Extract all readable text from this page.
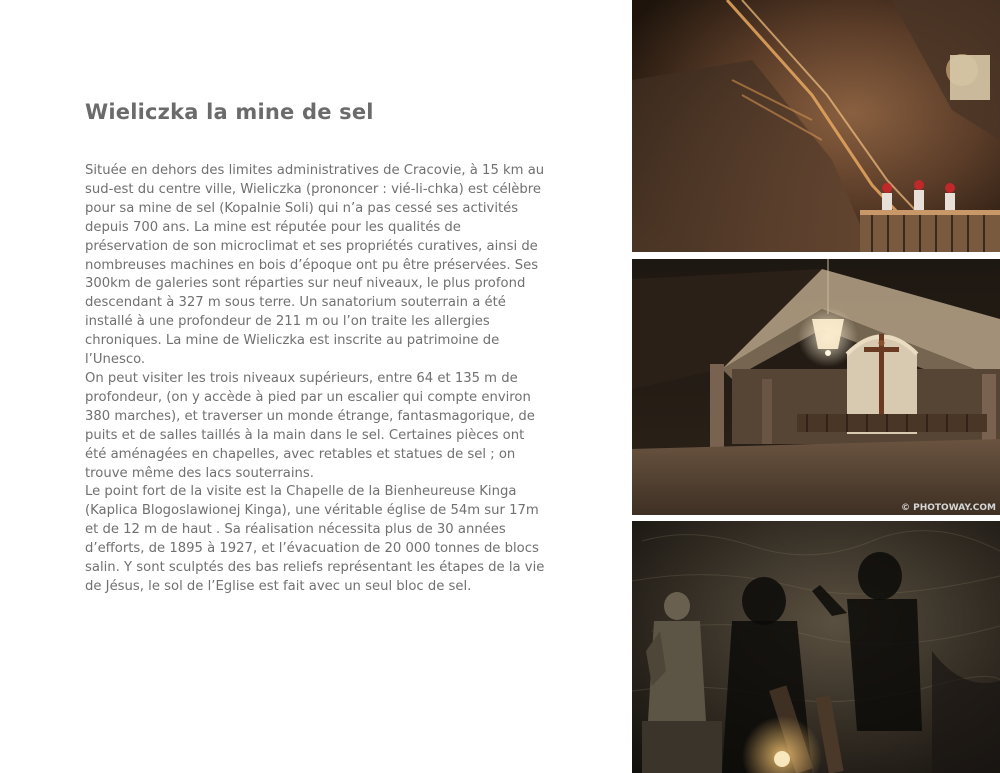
Wieliczka la mine de sel

Située en dehors des limites administratives de Cracovie, à 15 km au sud-est du centre ville, Wieliczka (prononcer : vié-li-chka) est célèbre pour sa mine de sel (Kopalnie Soli) qui n’a pas cessé ses activités depuis 700 ans. La mine est réputée pour les qualités de préservation de son microclimat et ses propriétés curatives, ainsi de nombreuses machines en bois d’époque ont pu être préservées. Ses 300km de galeries sont réparties sur neuf niveaux, le plus profond descendant à 327 m sous terre. Un sanatorium souterrain a été installé à une profondeur de 211 m ou l’on traite les allergies chroniques. La mine de Wieliczka est inscrite au patrimoine de l’Unesco.

On peut visiter les trois niveaux supérieurs, entre 64 et 135 m de profondeur, (on y accède à pied par un escalier qui compte environ 380 marches), et traverser un monde étrange, fantasmagorique, de puits et de salles taillés à la main dans le sel. Certaines pièces ont été aménagées en chapelles, avec retables et statues de sel ; on trouve même des lacs souterrains.

Le point fort de la visite est la Chapelle de la Bienheureuse Kinga (Kaplica Blogoslawionej Kinga), une véritable église de 54m sur 17m et de 12 m de haut . Sa réalisation nécessita plus de 30 années d’efforts, de 1895 à 1927, et l’évacuation de 20 000 tonnes de blocs salin. Y sont sculptés des bas reliefs représentant les étapes de la vie de Jésus, le sol de l’Eglise est fait avec un seul bloc de sel.

© PHOTOWAY.COM
